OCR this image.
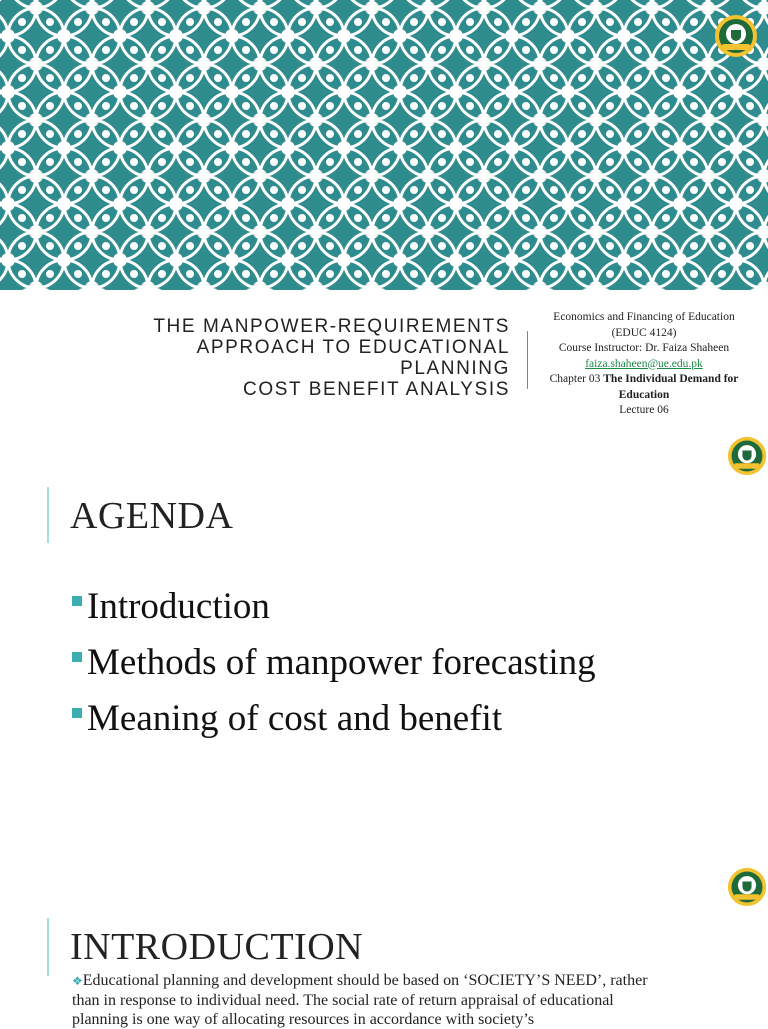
THE MANPOWER-REQUIREMENTS
APPROACH TO EDUCATIONAL
PLANNING
COST BENEFIT ANALYSIS
Economics and Financing of Education (EDUC 4124)
Course Instructor: Dr. Faiza Shaheen
faiza.shaheen@ue.edu.pk
Chapter 03 The Individual Demand for Education
Lecture 06
AGENDA
Introduction
Methods of manpower forecasting
Meaning of cost and benefit
INTRODUCTION
❖Educational planning and development should be based on ‘SOCIETY’S NEED’, rather than in response to individual need. The social rate of return appraisal of educational planning is one way of allocating resources in accordance with society’s
